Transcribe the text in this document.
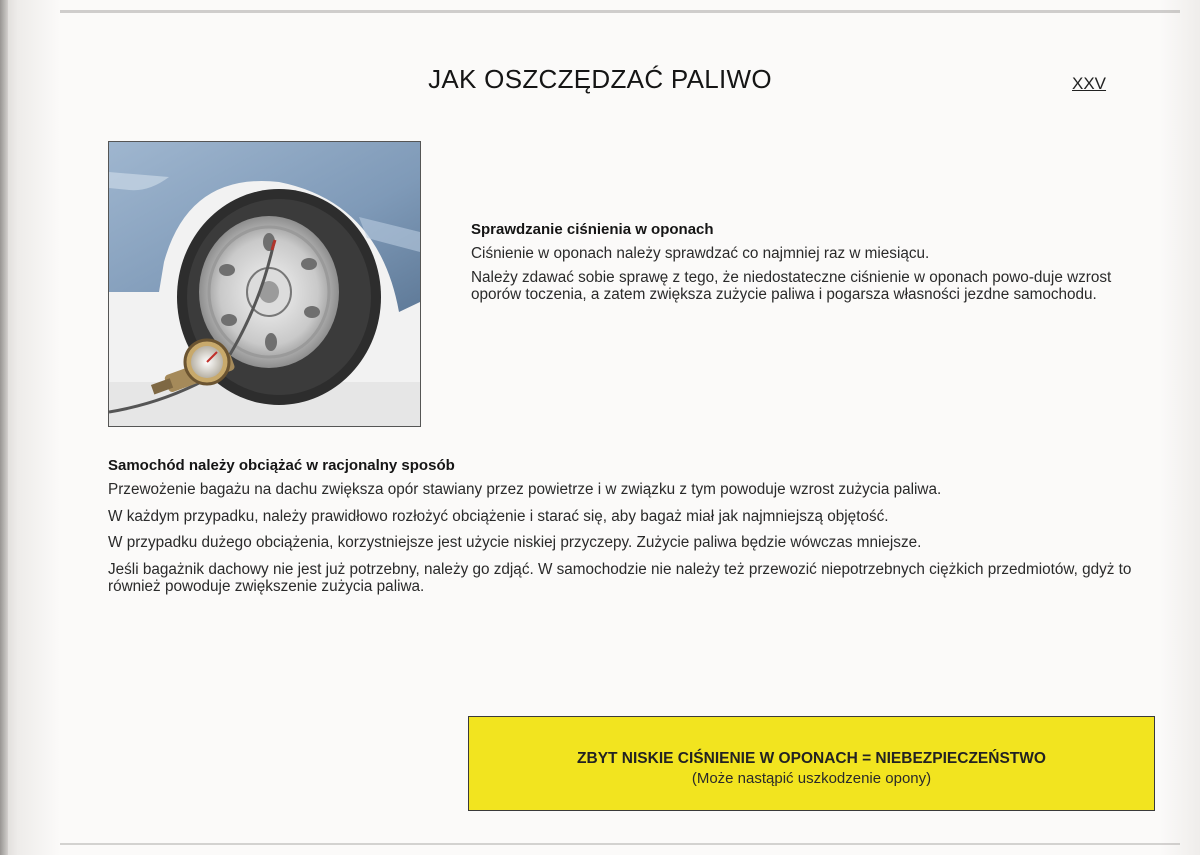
JAK OSZCZĘDZAĆ PALIWO	XXV

Sprawdzanie ciśnienia w oponach

Ciśnienie w oponach należy sprawdzać co najmniej raz w miesiącu.

Należy zdawać sobie sprawę z tego, że niedostateczne ciśnienie w oponach powo-duje wzrost oporów toczenia, a zatem zwiększa zużycie paliwa i pogarsza własności jezdne samochodu.

Samochód należy obciążać w racjonalny sposób

Przewożenie bagażu na dachu zwiększa opór stawiany przez powietrze i w związku z tym powoduje wzrost zużycia paliwa.

W każdym przypadku, należy prawidłowo rozłożyć obciążenie i starać się, aby bagaż miał jak najmniejszą objętość.

W przypadku dużego obciążenia, korzystniejsze jest użycie niskiej przyczepy. Zużycie paliwa będzie wówczas mniejsze.

Jeśli bagażnik dachowy nie jest już potrzebny, należy go zdjąć. W samochodzie nie należy też przewozić niepotrzebnych ciężkich przedmiotów, gdyż to również powoduje zwiększenie zużycia paliwa.

ZBYT NISKIE CIŚNIENIE W OPONACH = NIEBEZPIECZEŃSTWO
(Może nastąpić uszkodzenie opony)
